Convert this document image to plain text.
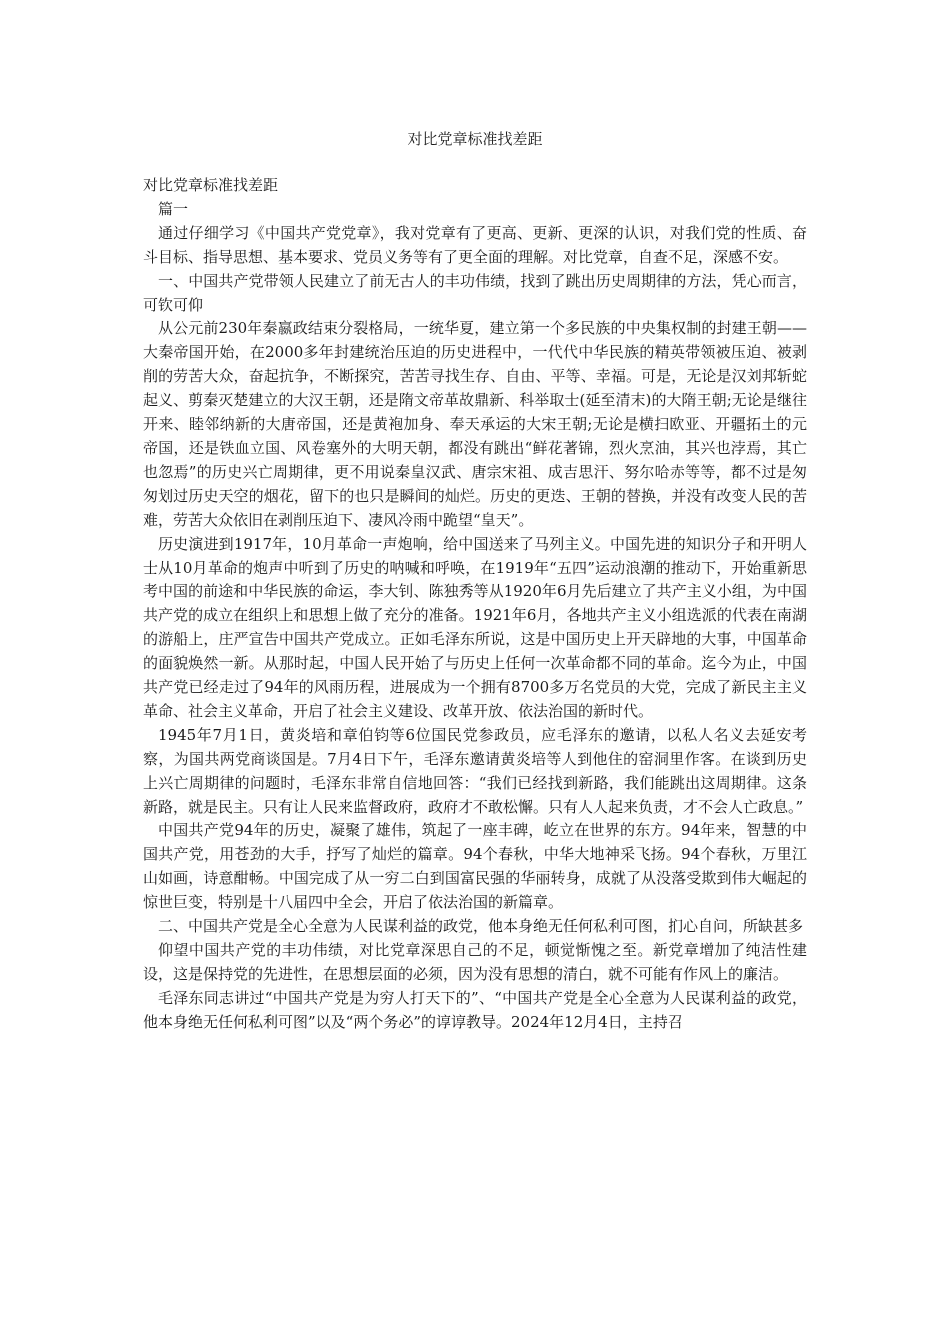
对比党章标准找差距

对比党章标准找差距

篇一

通过仔细学习《中国共产党党章》，我对党章有了更高、更新、更深的认识，对我们党的性质、奋斗目标、指导思想、基本要求、党员义务等有了更全面的理解。对比党章，自查不足，深感不安。

一、中国共产党带领人民建立了前无古人的丰功伟绩，找到了跳出历史周期律的方法，凭心而言，可钦可仰

从公元前230年秦嬴政结束分裂格局，一统华夏，建立第一个多民族的中央集权制的封建王朝——大秦帝国开始，在2000多年封建统治压迫的历史进程中，一代代中华民族的精英带领被压迫、被剥削的劳苦大众，奋起抗争，不断探究，苦苦寻找生存、自由、平等、幸福。可是，无论是汉刘邦斩蛇起义、剪秦灭楚建立的大汉王朝，还是隋文帝革故鼎新、科举取士(延至清末)的大隋王朝;无论是继往开来、睦邻纳新的大唐帝国，还是黄袍加身、奉天承运的大宋王朝;无论是横扫欧亚、开疆拓土的元帝国，还是铁血立国、风卷塞外的大明天朝，都没有跳出“鲜花著锦，烈火烹油，其兴也浡焉，其亡也忽焉”的历史兴亡周期律，更不用说秦皇汉武、唐宗宋祖、成吉思汗、努尔哈赤等等，都不过是匆匆划过历史天空的烟花，留下的也只是瞬间的灿烂。历史的更迭、王朝的替换，并没有改变人民的苦难，劳苦大众依旧在剥削压迫下、凄风冷雨中跪望“皇天”。

历史演进到1917年，10月革命一声炮响，给中国送来了马列主义。中国先进的知识分子和开明人士从10月革命的炮声中听到了历史的呐喊和呼唤，在1919年“五四”运动浪潮的推动下，开始重新思考中国的前途和中华民族的命运，李大钊、陈独秀等从1920年6月先后建立了共产主义小组，为中国共产党的成立在组织上和思想上做了充分的准备。1921年6月，各地共产主义小组选派的代表在南湖的游船上，庄严宣告中国共产党成立。正如毛泽东所说，这是中国历史上开天辟地的大事，中国革命的面貌焕然一新。从那时起，中国人民开始了与历史上任何一次革命都不同的革命。迄今为止，中国共产党已经走过了94年的风雨历程，进展成为一个拥有8700多万名党员的大党，完成了新民主主义革命、社会主义革命，开启了社会主义建设、改革开放、依法治国的新时代。

1945年7月1日，黄炎培和章伯钧等6位国民党参政员，应毛泽东的邀请，以私人名义去延安考察，为国共两党商谈国是。7月4日下午，毛泽东邀请黄炎培等人到他住的窑洞里作客。在谈到历史上兴亡周期律的问题时，毛泽东非常自信地回答：“我们已经找到新路，我们能跳出这周期律。这条新路，就是民主。只有让人民来监督政府，政府才不敢松懈。只有人人起来负责，才不会人亡政息。”

中国共产党94年的历史，凝聚了雄伟，筑起了一座丰碑，屹立在世界的东方。94年来，智慧的中国共产党，用苍劲的大手，抒写了灿烂的篇章。94个春秋，中华大地神采飞扬。94个春秋，万里江山如画，诗意酣畅。中国完成了从一穷二白到国富民强的华丽转身，成就了从没落受欺到伟大崛起的惊世巨变，特别是十八届四中全会，开启了依法治国的新篇章。

二、中国共产党是全心全意为人民谋利益的政党，他本身绝无任何私利可图，扪心自问，所缺甚多

仰望中国共产党的丰功伟绩，对比党章深思自己的不足，顿觉惭愧之至。新党章增加了纯洁性建设，这是保持党的先进性，在思想层面的必须，因为没有思想的清白，就不可能有作风上的廉洁。

毛泽东同志讲过“中国共产党是为穷人打天下的”、“中国共产党是全心全意为人民谋利益的政党，他本身绝无任何私利可图”以及“两个务必”的谆谆教导。2024年12月4日，主持召
